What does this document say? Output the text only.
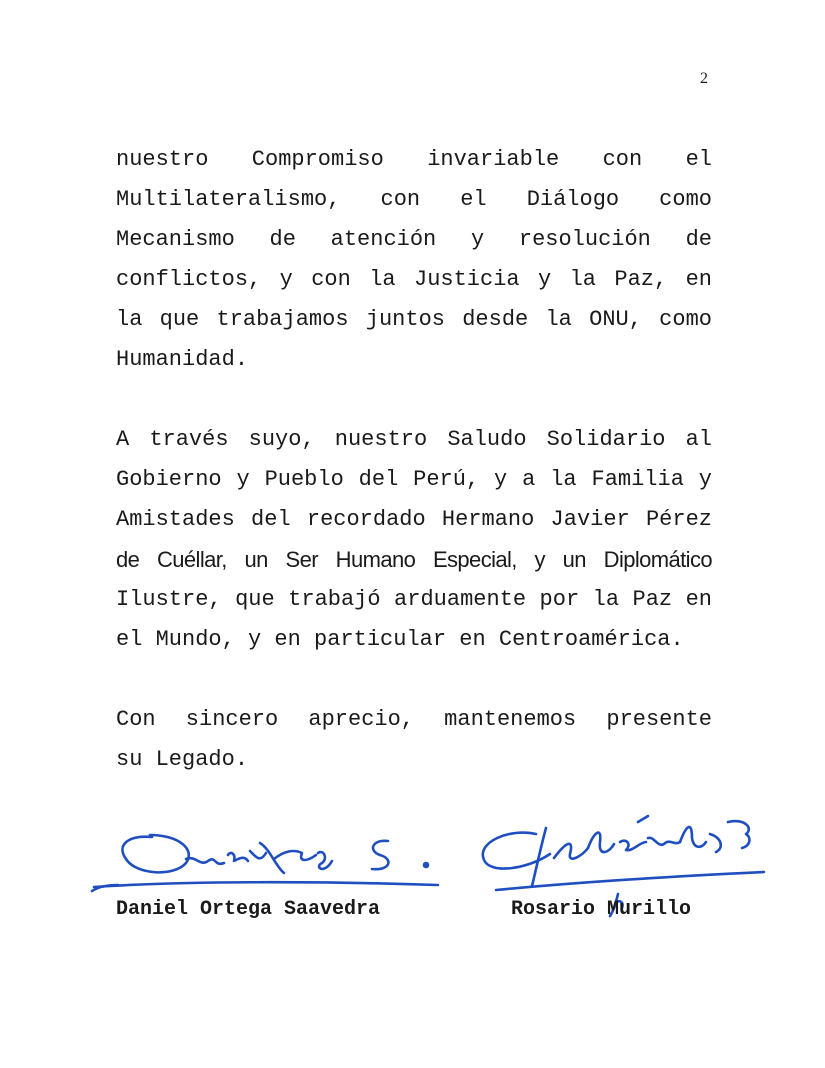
2
nuestro Compromiso invariable con el
Multilateralismo, con el Diálogo como
Mecanismo de atención y resolución de
conflictos, y con la Justicia y la Paz, en
la que trabajamos juntos desde la ONU, como
Humanidad.
A través suyo, nuestro Saludo Solidario al
Gobierno y Pueblo del Perú, y a la Familia y
Amistades del recordado Hermano Javier Pérez
de Cuéllar, un Ser Humano Especial, y un Diplomático
Ilustre, que trabajó arduamente por la Paz en
el Mundo, y en particular en Centroamérica.
Con sincero aprecio, mantenemos presente
su Legado.
Daniel Ortega Saavedra	Rosario Murillo
